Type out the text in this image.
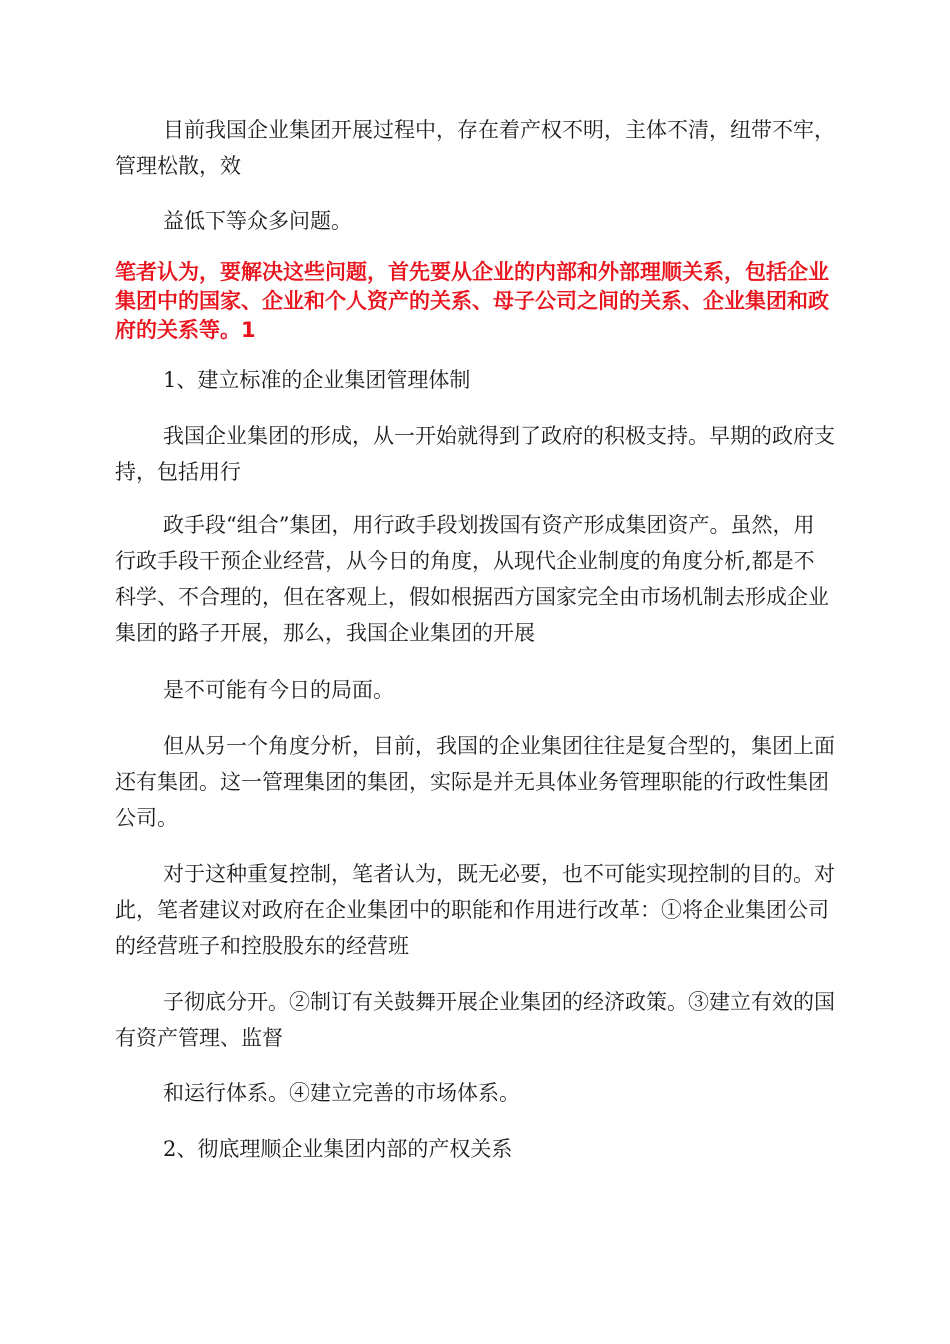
目前我国企业集团开展过程中，存在着产权不明，主体不清，纽带不牢，管理松散，效

益低下等众多问题。

笔者认为，要解决这些问题，首先要从企业的内部和外部理顺关系，包括企业集团中的国家、企业和个人资产的关系、母子公司之间的关系、企业集团和政府的关系等。1

1、建立标准的企业集团管理体制

我国企业集团的形成，从一开始就得到了政府的积极支持。早期的政府支持，包括用行

政手段“组合”集团，用行政手段划拨国有资产形成集团资产。虽然，用行政手段干预企业经营，从今日的角度，从现代企业制度的角度分析,都是不科学、不合理的，但在客观上，假如根据西方国家完全由市场机制去形成企业集团的路子开展，那么，我国企业集团的开展

是不可能有今日的局面。

但从另一个角度分析，目前，我国的企业集团往往是复合型的，集团上面还有集团。这一管理集团的集团，实际是并无具体业务管理职能的行政性集团公司。

对于这种重复控制，笔者认为，既无必要，也不可能实现控制的目的。对此，笔者建议对政府在企业集团中的职能和作用进行改革：①将企业集团公司的经营班子和控股股东的经营班

子彻底分开。②制订有关鼓舞开展企业集团的经济政策。③建立有效的国有资产管理、监督

和运行体系。④建立完善的市场体系。

2、彻底理顺企业集团内部的产权关系
